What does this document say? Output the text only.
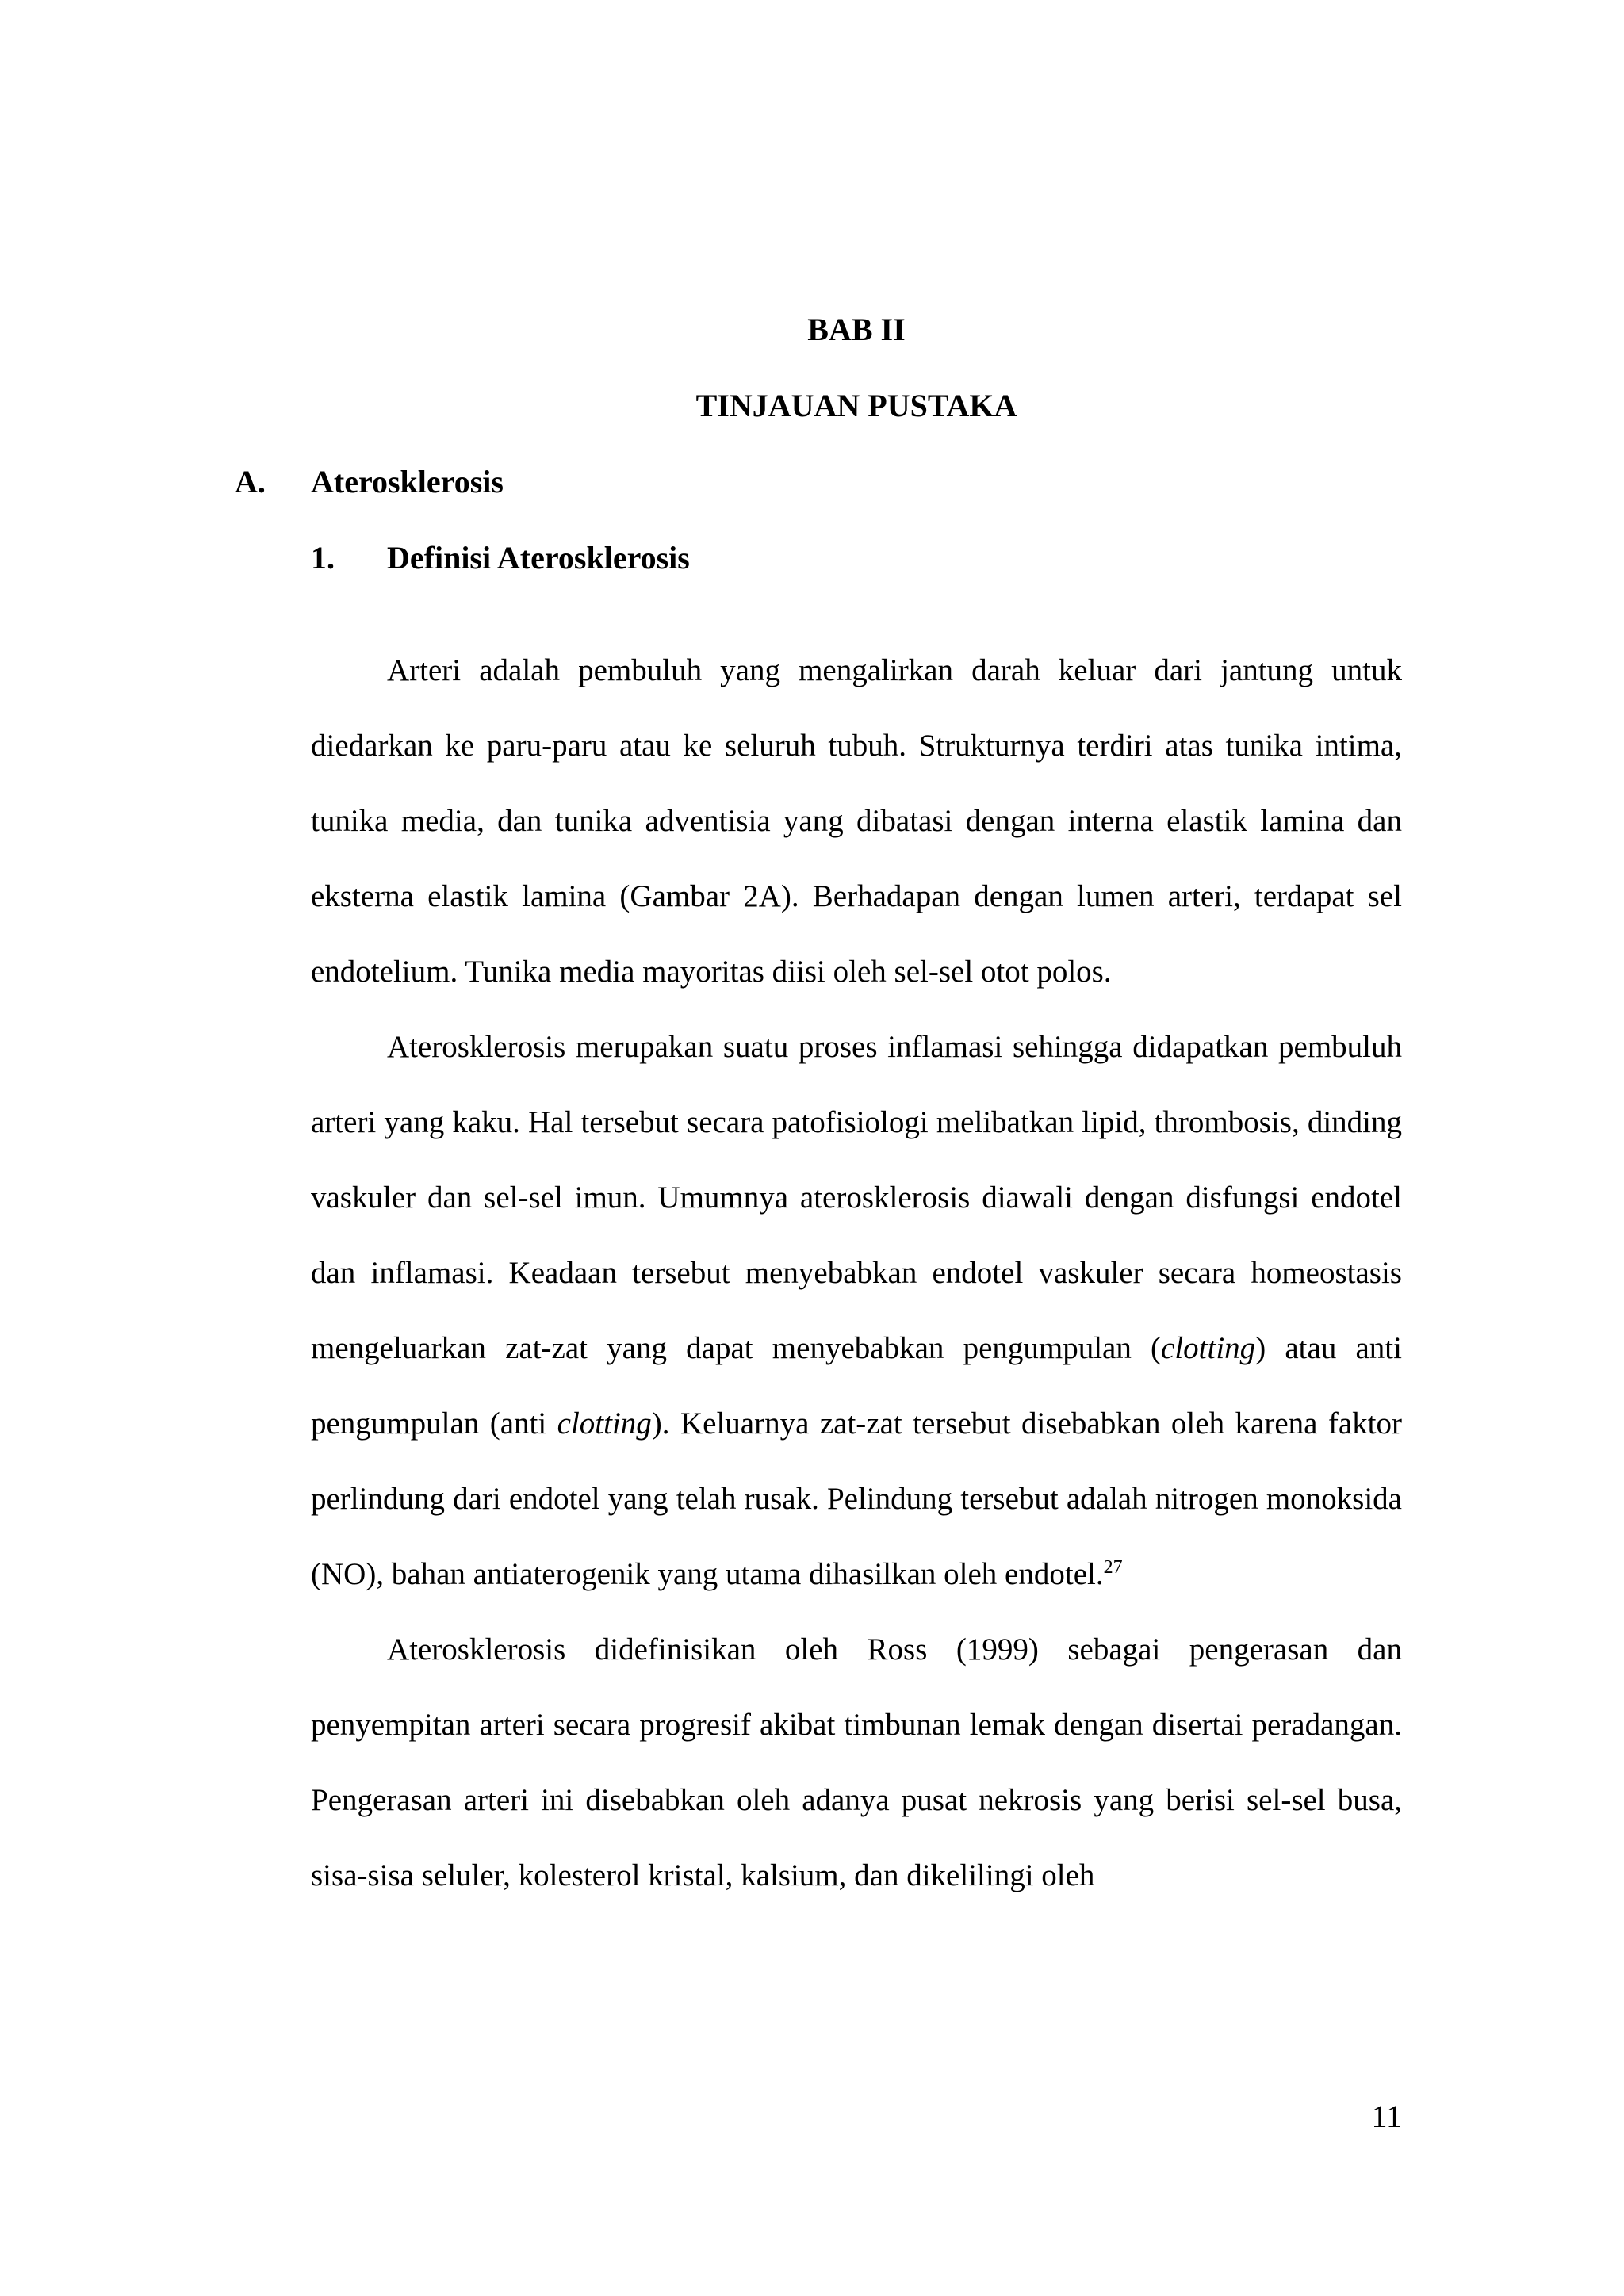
BAB II
TINJAUAN PUSTAKA
A. Aterosklerosis
1. Definisi Aterosklerosis

Arteri adalah pembuluh yang mengalirkan darah keluar dari jantung untuk diedarkan ke paru-paru atau ke seluruh tubuh. Strukturnya terdiri atas tunika intima, tunika media, dan tunika adventisia yang dibatasi dengan interna elastik lamina dan eksterna elastik lamina (Gambar 2A). Berhadapan dengan lumen arteri, terdapat sel endotelium. Tunika media mayoritas diisi oleh sel-sel otot polos.

Aterosklerosis merupakan suatu proses inflamasi sehingga didapatkan pembuluh arteri yang kaku. Hal tersebut secara patofisiologi melibatkan lipid, thrombosis, dinding vaskuler dan sel-sel imun. Umumnya aterosklerosis diawali dengan disfungsi endotel dan inflamasi. Keadaan tersebut menyebabkan endotel vaskuler secara homeostasis mengeluarkan zat-zat yang dapat menyebabkan pengumpulan (clotting) atau anti pengumpulan (anti clotting). Keluarnya zat-zat tersebut disebabkan oleh karena faktor perlindung dari endotel yang telah rusak. Pelindung tersebut adalah nitrogen monoksida (NO), bahan antiaterogenik yang utama dihasilkan oleh endotel.$^{27}$

Aterosklerosis didefinisikan oleh Ross (1999) sebagai pengerasan dan penyempitan arteri secara progresif akibat timbunan lemak dengan disertai peradangan. Pengerasan arteri ini disebabkan oleh adanya pusat nekrosis yang berisi sel-sel busa, sisa-sisa seluler, kolesterol kristal, kalsium, dan dikelilingi oleh

11
